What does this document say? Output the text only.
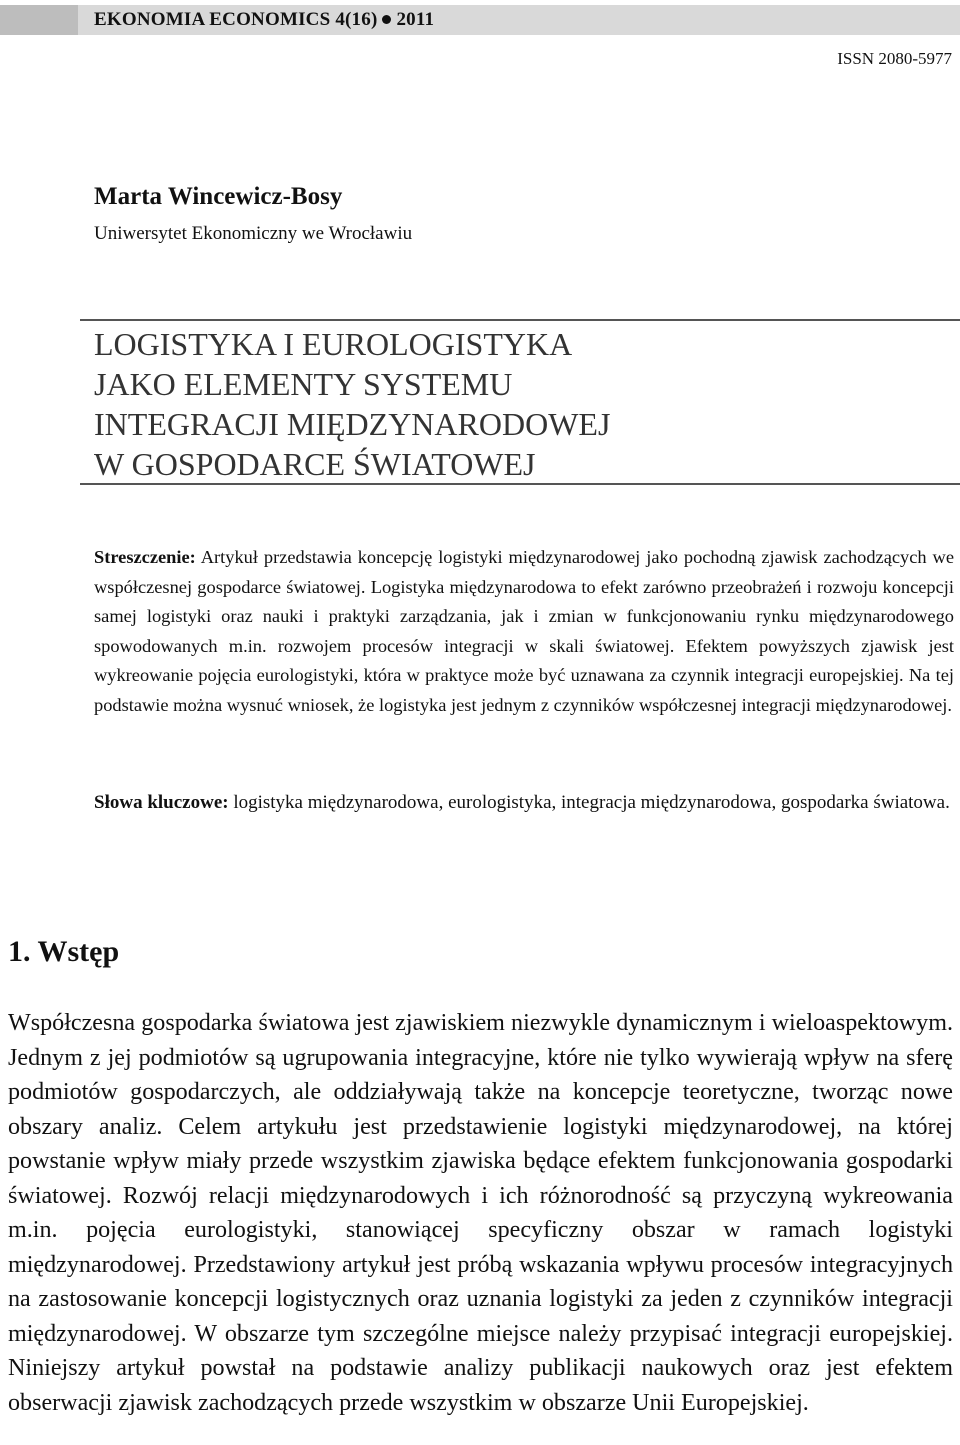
EKONOMIA ECONOMICS 4(16) 2011
ISSN 2080-5977
Marta Wincewicz-Bosy
Uniwersytet Ekonomiczny we Wrocławiu
LOGISTYKA I EUROLOGISTYKA
JAKO ELEMENTY SYSTEMU
INTEGRACJI MIĘDZYNARODOWEJ
W GOSPODARCE ŚWIATOWEJ
Streszczenie: Artykuł przedstawia koncepcję logistyki międzynarodowej jako pochodną zjawisk zachodzących we współczesnej gospodarce światowej. Logistyka międzynarodowa to efekt zarówno przeobrażeń i rozwoju koncepcji samej logistyki oraz nauki i praktyki zarządzania, jak i zmian w funkcjonowaniu rynku międzynarodowego spowodowanych m.in. rozwojem procesów integracji w skali światowej. Efektem powyższych zjawisk jest wykreowanie pojęcia eurologistyki, która w praktyce może być uznawana za czynnik integracji europejskiej. Na tej podstawie można wysnuć wniosek, że logistyka jest jednym z czynników współczesnej integracji międzynarodowej.
Słowa kluczowe: logistyka międzynarodowa, eurologistyka, integracja międzynarodowa, gospodarka światowa.
1. Wstęp
Współczesna gospodarka światowa jest zjawiskiem niezwykle dynamicznym i wieloaspektowym. Jednym z jej podmiotów są ugrupowania integracyjne, które nie tylko wywierają wpływ na sferę podmiotów gospodarczych, ale oddziaływają także na koncepcje teoretyczne, tworząc nowe obszary analiz. Celem artykułu jest przedstawienie logistyki międzynarodowej, na której powstanie wpływ miały przede wszystkim zjawiska będące efektem funkcjonowania gospodarki światowej. Rozwój relacji międzynarodowych i ich różnorodność są przyczyną wykreowania m.in. pojęcia eurologistyki, stanowiącej specyficzny obszar w ramach logistyki międzynarodowej. Przedstawiony artykuł jest próbą wskazania wpływu procesów integracyjnych na zastosowanie koncepcji logistycznych oraz uznania logistyki za jeden z czynników integracji międzynarodowej. W obszarze tym szczególne miejsce należy przypisać integracji europejskiej. Niniejszy artykuł powstał na podstawie analizy publikacji naukowych oraz jest efektem obserwacji zjawisk zachodzących przede wszystkim w obszarze Unii Europejskiej.
